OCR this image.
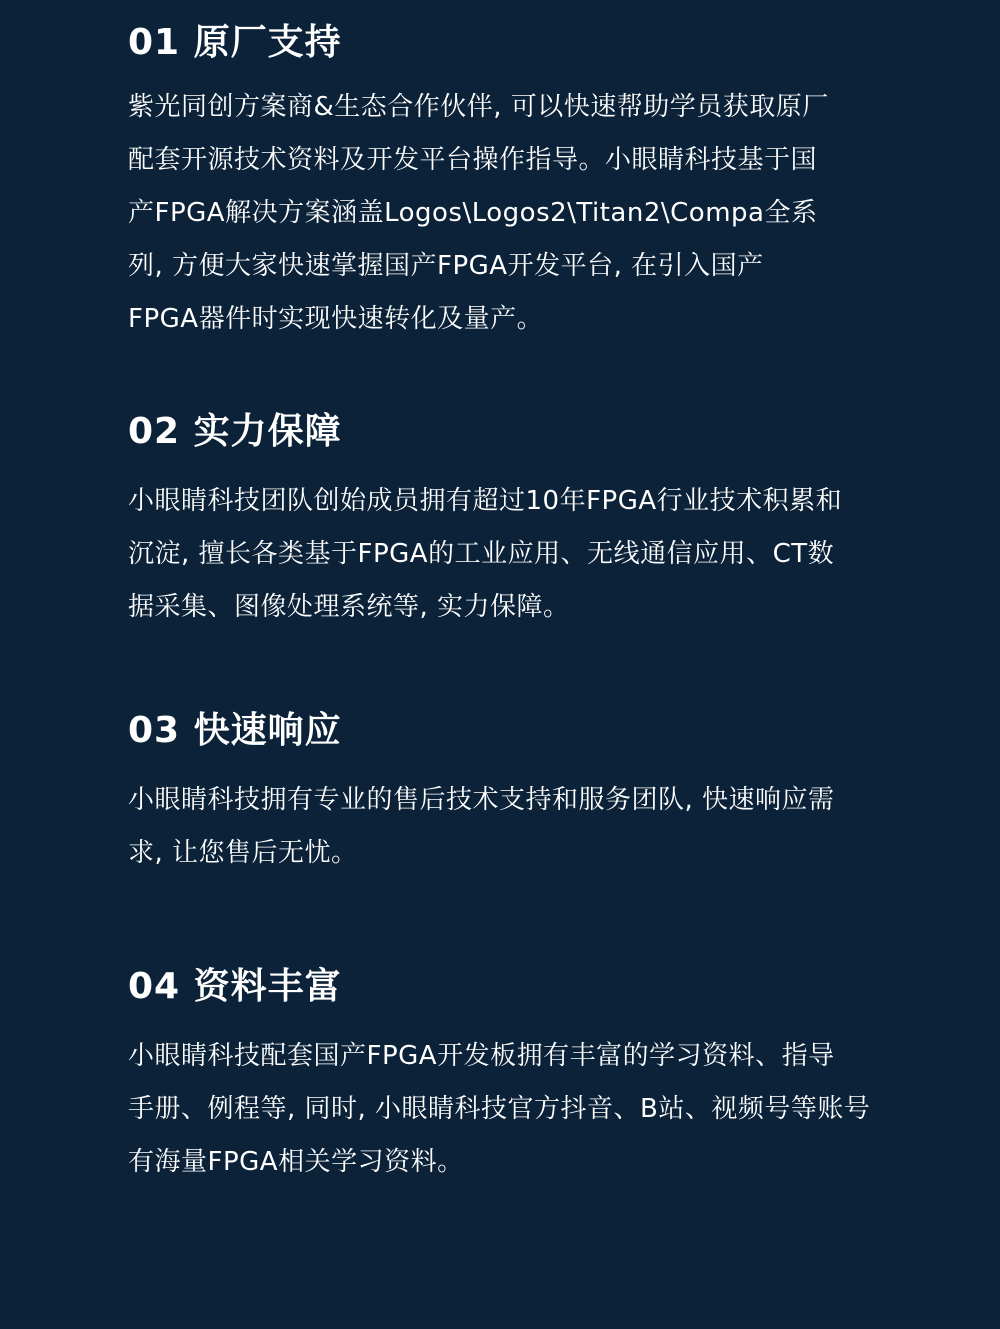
01 原厂支持

紫光同创方案商&生态合作伙伴, 可以快速帮助学员获取原厂

配套开源技术资料及开发平台操作指导。小眼睛科技基于国

产FPGA解决方案涵盖Logos\Logos2\Titan2\Compa全系

列, 方便大家快速掌握国产FPGA开发平台, 在引入国产

FPGA器件时实现快速转化及量产。

02 实力保障

小眼睛科技团队创始成员拥有超过10年FPGA行业技术积累和

沉淀, 擅长各类基于FPGA的工业应用、无线通信应用、CT数

据采集、图像处理系统等, 实力保障。

03 快速响应

小眼睛科技拥有专业的售后技术支持和服务团队, 快速响应需

求, 让您售后无忧。

04 资料丰富

小眼睛科技配套国产FPGA开发板拥有丰富的学习资料、指导

手册、例程等, 同时, 小眼睛科技官方抖音、B站、视频号等账号

有海量FPGA相关学习资料。
